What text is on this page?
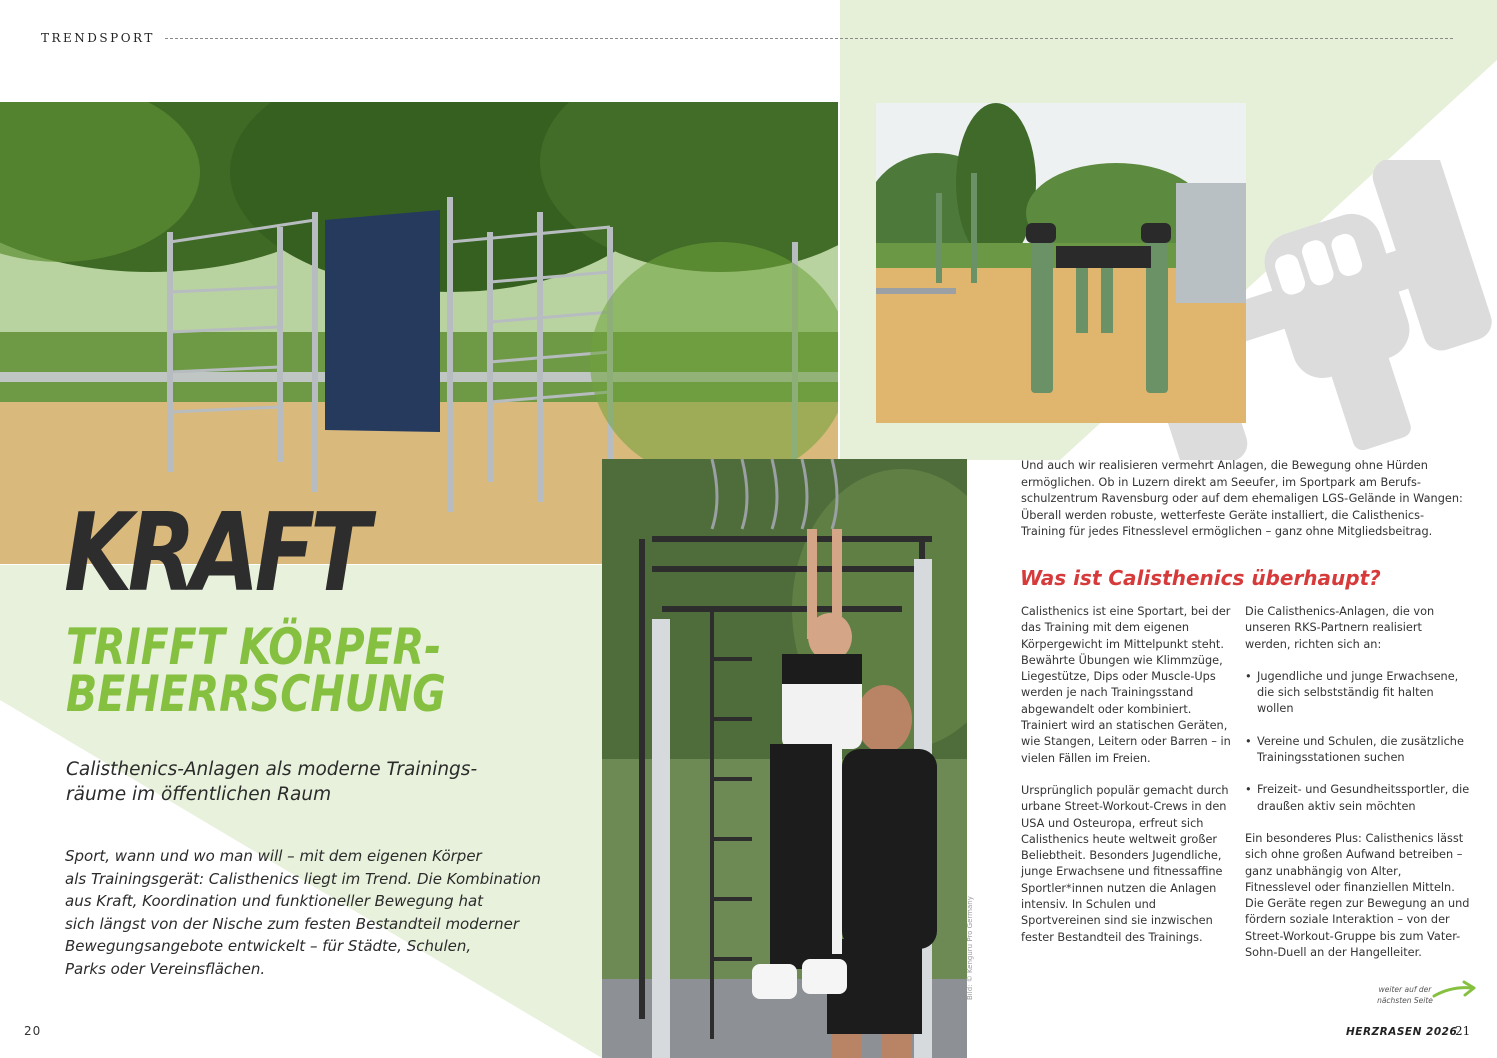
TRENDSPORT
KRAFT
TRIFFT KÖRPER-
BEHERRSCHUNG
Calisthenics-Anlagen als moderne Trainings-
räume im öffentlichen Raum
Sport, wann und wo man will – mit dem eigenen Körper
als Trainingsgerät: Calisthenics liegt im Trend. Die Kombination
aus Kraft, Koordination und funktioneller Bewegung hat
sich längst von der Nische zum festen Bestandteil moderner
Bewegungsangebote entwickelt – für Städte, Schulen,
Parks oder Vereinsflächen.
Und auch wir realisieren vermehrt Anlagen, die Bewegung ohne Hürden
ermöglichen. Ob in Luzern direkt am Seeufer, im Sportpark am Berufs-
schulzentrum Ravensburg oder auf dem ehemaligen LGS-Gelände in Wangen:
Überall werden robuste, wetterfeste Geräte installiert, die Calisthenics-
Training für jedes Fitnesslevel ermöglichen – ganz ohne Mitgliedsbeitrag.
Was ist Calisthenics überhaupt?

Calisthenics ist eine Sportart, bei der das Training mit dem eigenen Körpergewicht im Mittelpunkt steht. Bewährte Übungen wie Klimmzüge, Liegestütze, Dips oder Muscle-Ups werden je nach Trainingsstand abgewandelt oder kombiniert. Trainiert wird an statischen Geräten, wie Stangen, Leitern oder Barren – in vielen Fällen im Freien.

Ursprünglich populär gemacht durch urbane Street-Workout-Crews in den USA und Osteuropa, erfreut sich Calisthenics heute weltweit großer Beliebtheit. Besonders Jugendliche, junge Erwachsene und fitnessaffine Sportler*innen nutzen die Anlagen intensiv. In Schulen und Sportvereinen sind sie inzwischen fester Bestandteil des Trainings.

Die Calisthenics-Anlagen, die von unseren RKS-Partnern realisiert werden, richten sich an:

• Jugendliche und junge Erwachsene, die sich selbstständig fit halten wollen
• Vereine und Schulen, die zusätzliche Trainingsstationen suchen
• Freizeit- und Gesundheitssportler, die draußen aktiv sein möchten

Ein besonderes Plus: Calisthenics lässt sich ohne großen Aufwand betreiben – ganz unabhängig von Alter, Fitnesslevel oder finanziellen Mitteln. Die Geräte regen zur Bewegung an und fördern soziale Interaktion – von der Street-Workout-Gruppe bis zum Vater-Sohn-Duell an der Hangelleiter.

Bild: © Kenguru Pro Germany	weiter auf der
nächsten Seite
20	HERZRASEN 2026
21
